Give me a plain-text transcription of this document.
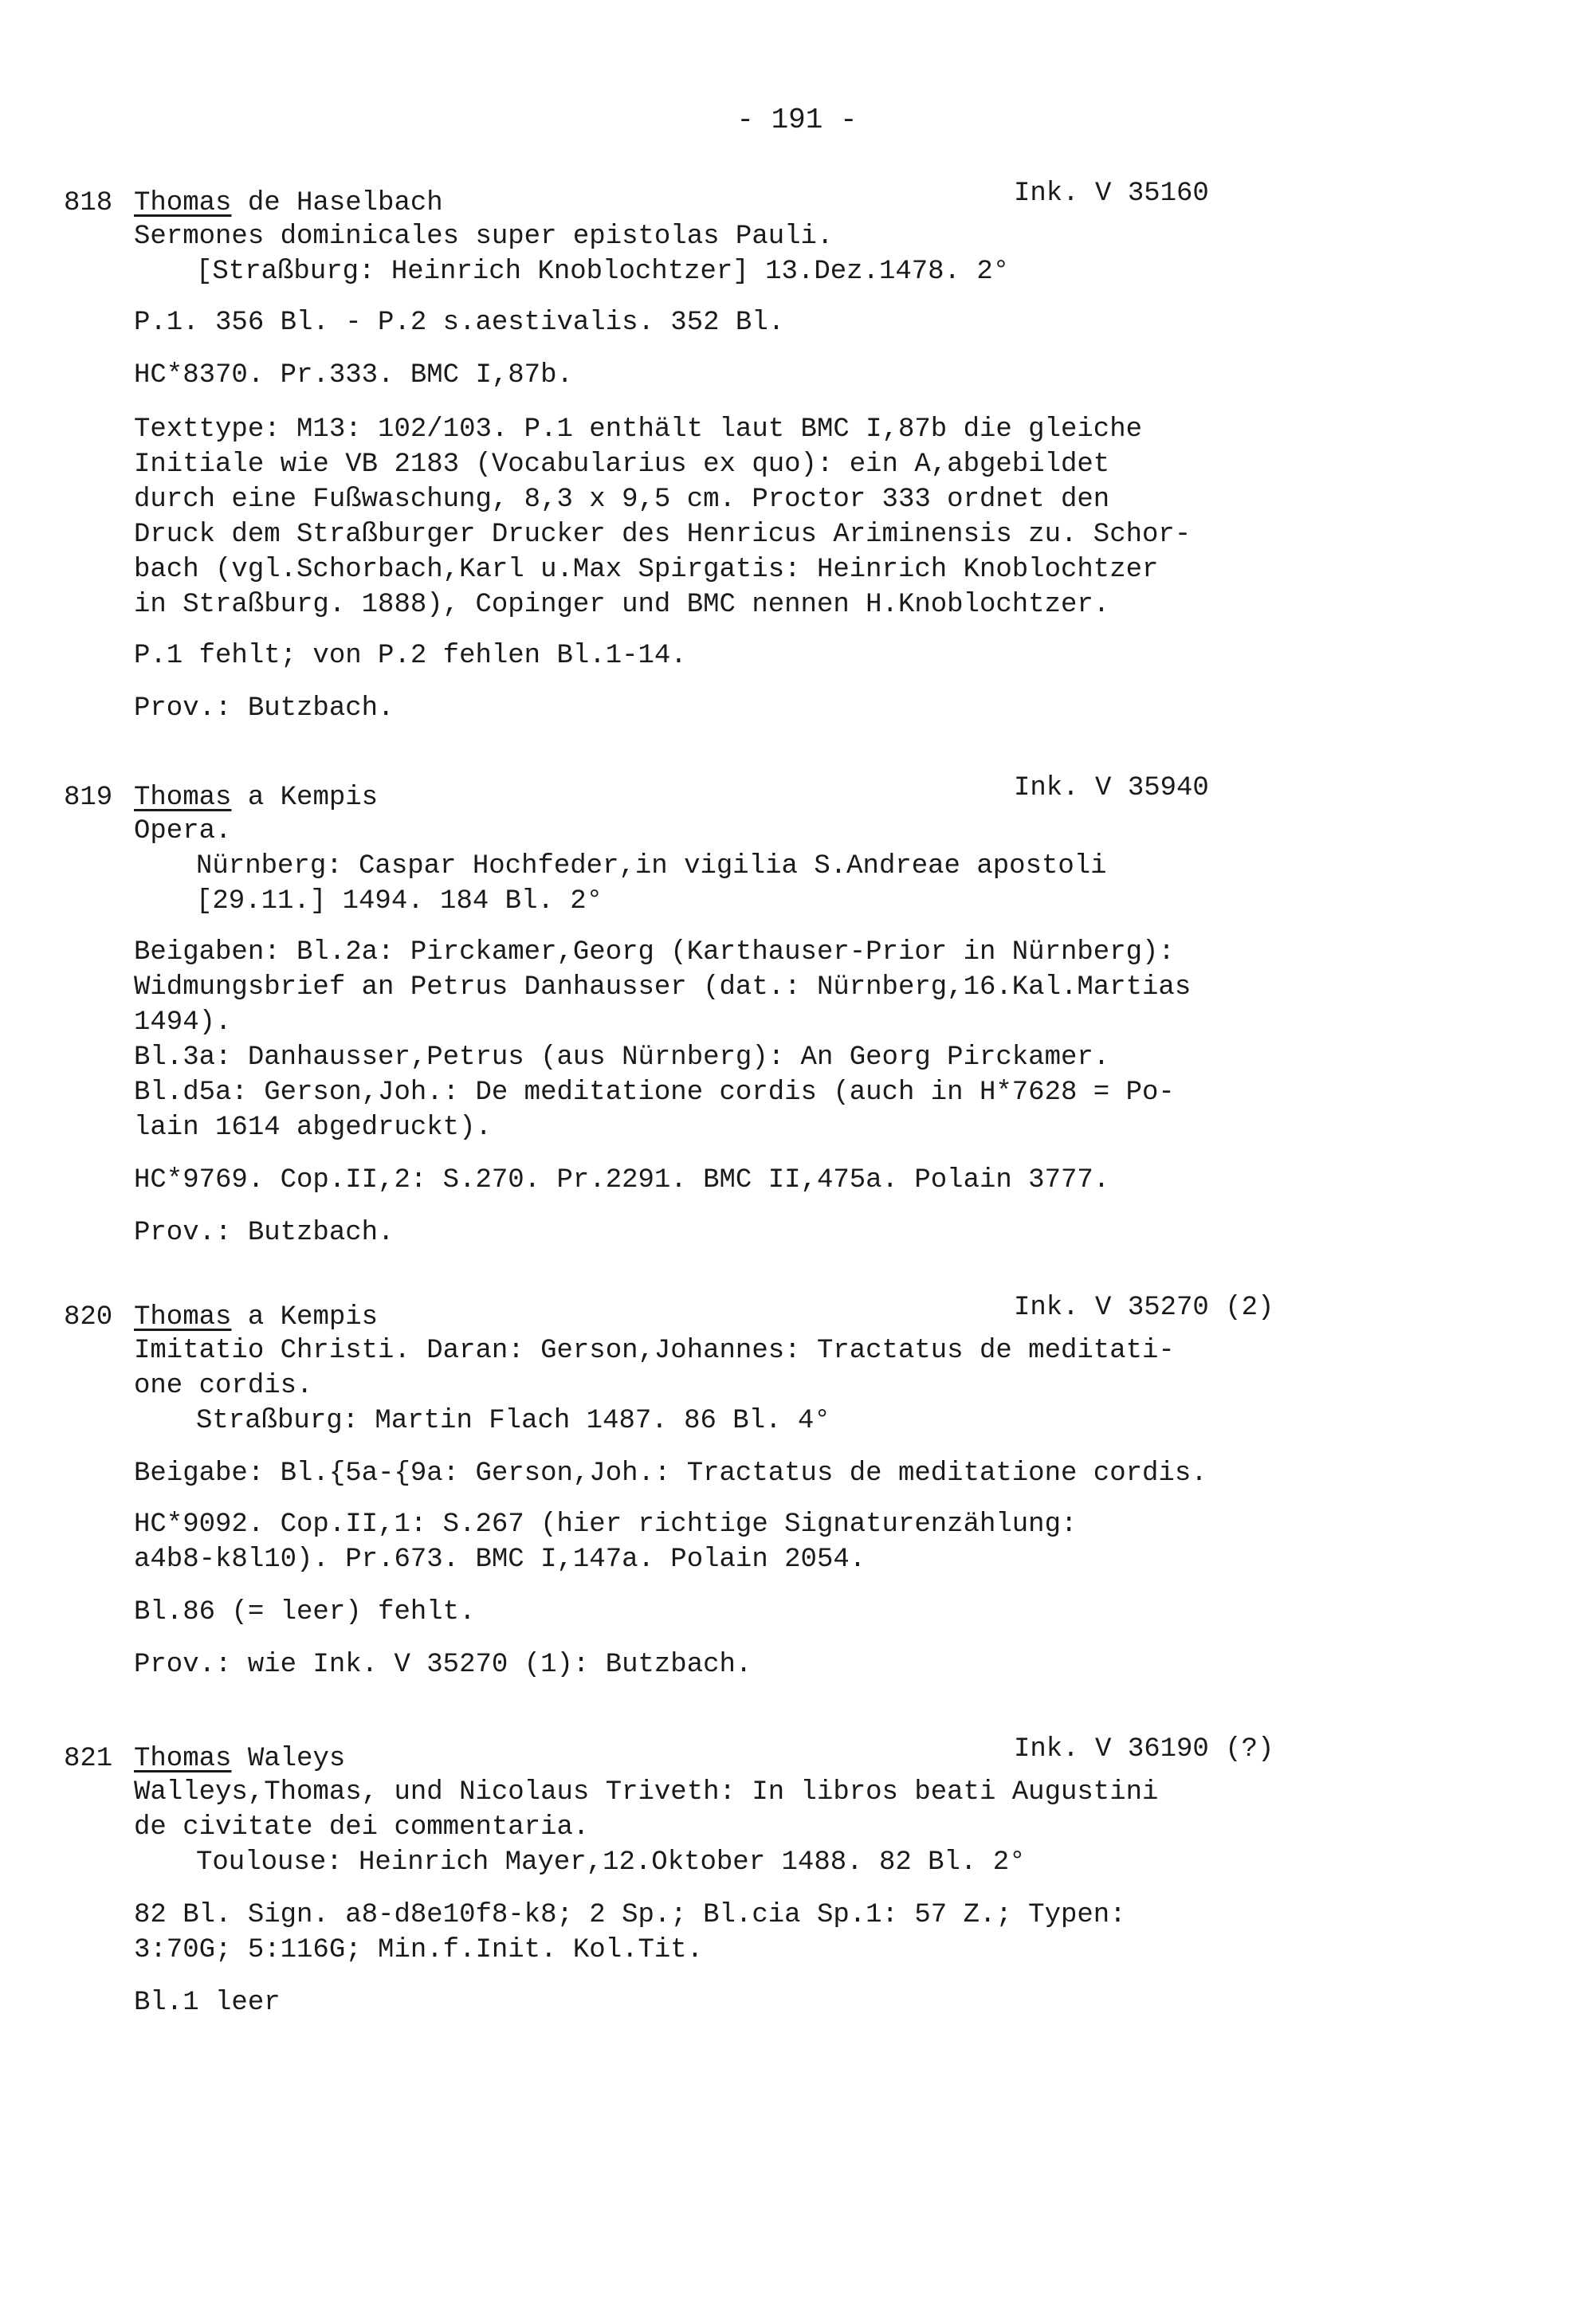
- 191 -
818 Thomas de Haselbach	Ink. V 35160
Sermones dominicales super epistolas Pauli.
[Straßburg: Heinrich Knoblochtzer] 13.Dez.1478. 2°
P.1. 356 Bl. - P.2 s.aestivalis. 352 Bl.
HC*8370. Pr.333. BMC I,87b.
Texttype: M13: 102/103. P.1 enthält laut BMC I,87b die gleiche
Initiale wie VB 2183 (Vocabularius ex quo): ein A,abgebildet
durch eine Fußwaschung, 8,3 x 9,5 cm. Proctor 333 ordnet den
Druck dem Straßburger Drucker des Henricus Ariminensis zu. Schor-
bach (vgl.Schorbach,Karl u.Max Spirgatis: Heinrich Knoblochtzer
in Straßburg. 1888), Copinger und BMC nennen H.Knoblochtzer.
P.1 fehlt; von P.2 fehlen Bl.1-14.
Prov.: Butzbach.
819 Thomas a Kempis	Ink. V 35940
Opera.
Nürnberg: Caspar Hochfeder,in vigilia S.Andreae apostoli
[29.11.] 1494. 184 Bl. 2°
Beigaben: Bl.2a: Pirckamer,Georg (Karthauser-Prior in Nürnberg):
Widmungsbrief an Petrus Danhausser (dat.: Nürnberg,16.Kal.Martias
1494).
Bl.3a: Danhausser,Petrus (aus Nürnberg): An Georg Pirckamer.
Bl.d5a: Gerson,Joh.: De meditatione cordis (auch in H*7628 = Po-
lain 1614 abgedruckt).
HC*9769. Cop.II,2: S.270. Pr.2291. BMC II,475a. Polain 3777.
Prov.: Butzbach.
820 Thomas a Kempis	Ink. V 35270 (2)
Imitatio Christi. Daran: Gerson,Johannes: Tractatus de meditati-
one cordis.
Straßburg: Martin Flach 1487. 86 Bl. 4°
Beigabe: Bl.{5a-{9a: Gerson,Joh.: Tractatus de meditatione cordis.
HC*9092. Cop.II,1: S.267 (hier richtige Signaturenzählung:
a4b8-k8l10). Pr.673. BMC I,147a. Polain 2054.
Bl.86 (= leer) fehlt.
Prov.: wie Ink. V 35270 (1): Butzbach.
821 Thomas Waleys	Ink. V 36190 (?)
Walleys,Thomas, und Nicolaus Triveth: In libros beati Augustini
de civitate dei commentaria.
Toulouse: Heinrich Mayer,12.Oktober 1488. 82 Bl. 2°
82 Bl. Sign. a8-d8e10f8-k8; 2 Sp.; Bl.cia Sp.1: 57 Z.; Typen:
3:70G; 5:116G; Min.f.Init. Kol.Tit.
Bl.1 leer
